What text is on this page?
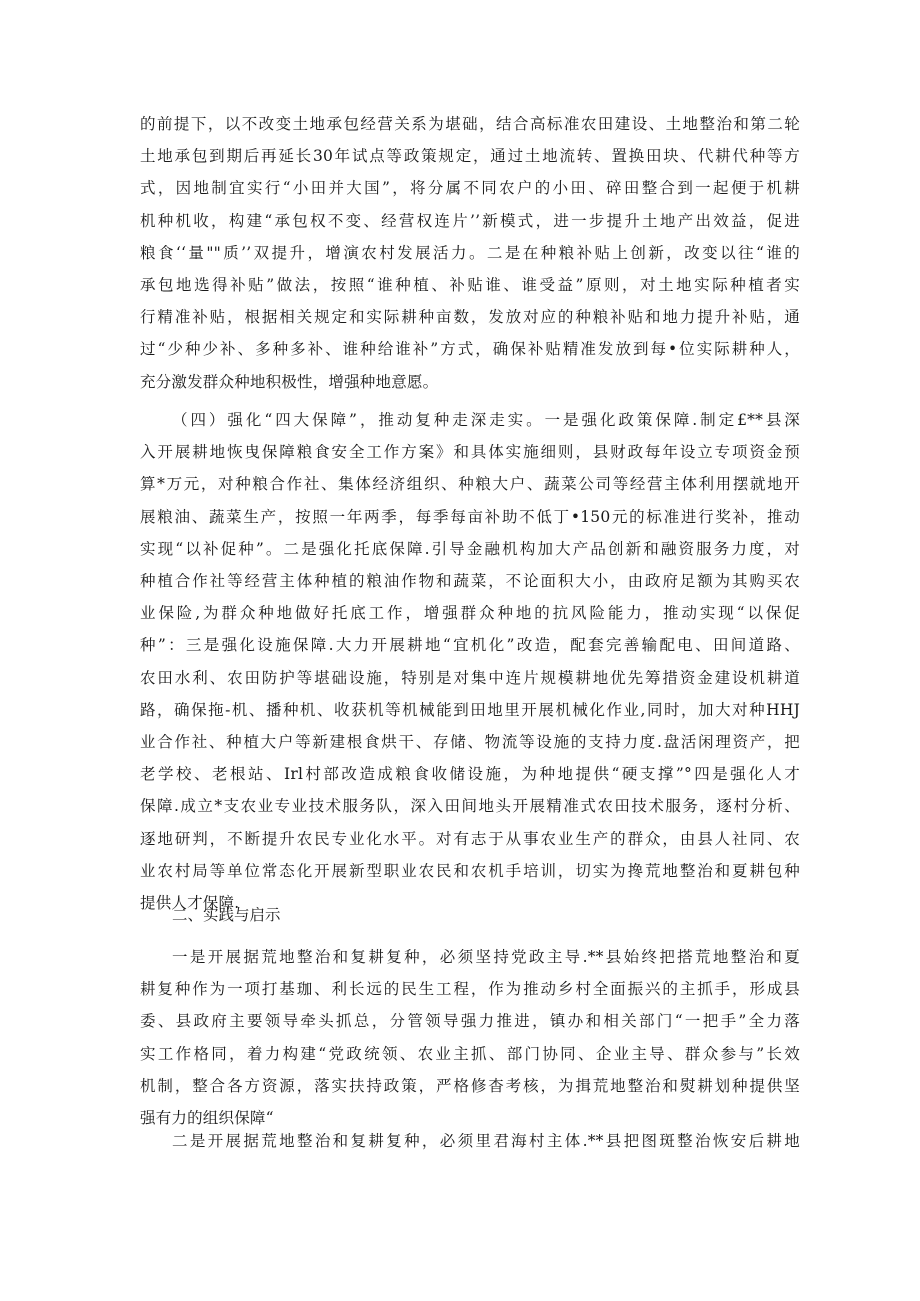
的前提下，以不改变土地承包经营关系为堪础，结合高标准农田建设、土地整治和第二轮
土地承包到期后再延长30年试点等政策规定，通过土地流转、置换田块、代耕代种等方
式，因地制宜实行“小田并大国”，将分属不同农户的小田、碎田整合到一起便于机耕
机种机收，构建“承包权不变、经营权连片’’新模式，进一步提升土地产出效益，促进
粮食‘‘量""质’’双提升，增演农村发展活力。二是在种粮补贴上创新，改变以往“谁的
承包地选得补贴”做法，按照“谁种植、补贴谁、谁受益”原则，对土地实际种植者实
行精准补贴，根据相关规定和实际耕种亩数，发放对应的种粮补贴和地力提升补贴，通
过“少种少补、多种多补、谁种给谁补”方式，确保补贴精准发放到每•位实际耕种人，
充分激发群众种地积极性，增强种地意愿。
（四）强化“四大保障”，推动复种走深走实。一是强化政策保障.制定£**县深
入开展耕地恢曳保障粮食安全工作方案》和具体实施细则，县财政每年设立专项资金预
算*万元，对种粮合作社、集体经济组织、种粮大户、蔬菜公司等经营主体利用摆就地开
展粮油、蔬菜生产，按照一年两季，每季每亩补助不低丁•150元的标准进行奖补，推动
实现“以补促种”。二是强化托底保障.引导金融机构加大产品创新和融资服务力度，对
种植合作社等经营主体种植的粮油作物和蔬菜，不论面积大小，由政府足额为其购买农
业保险,为群众种地做好托底工作，增强群众种地的抗风险能力，推动实现“以保促
种”：三是强化设施保障.大力开展耕地“宜机化”改造，配套完善输配电、田间道路、
农田水利、农田防护等堪础设施，特别是对集中连片规模耕地优先筹措资金建设机耕道
路，确保拖-机、播种机、收获机等机械能到田地里开展机械化作业,同时，加大对种HHJ
业合作社、种植大户等新建根食烘干、存储、物流等设施的支持力度.盘活闲理资产，把
老学校、老根站、Irl村部改造成粮食收储设施，为种地提供“硬支撑”°四是强化人才
保障.成立*支农业专业技术服务队，深入田间地头开展精准式农田技术服务，逐村分析、
逐地研判，不断提升农民专业化水平。对有志于从事农业生产的群众，由县人社同、农
业农村局等单位常态化开展新型职业农民和农机手培训，切实为搀荒地整治和夏耕包种
提供人才保障.
二、实践与启示
一是开展据荒地整治和复耕复种，必须坚持党政主导.**县始终把搭荒地整治和夏
耕复种作为一项打基珈、利长远的民生工程，作为推动乡村全面振兴的主抓手，形成县
委、县政府主要领导牵头抓总，分管领导强力推进，镇办和相关部门“一把手”全力落
实工作格同，着力构建“党政统领、农业主抓、部门协同、企业主导、群众参与”长效
机制，整合各方资源，落实扶持政策，严格修杳考核，为揖荒地整治和熨耕划种提供坚
强有力的组织保障“
二是开展据荒地整治和复耕复种，必须里君海村主体.**县把图斑整治恢安后耕地
